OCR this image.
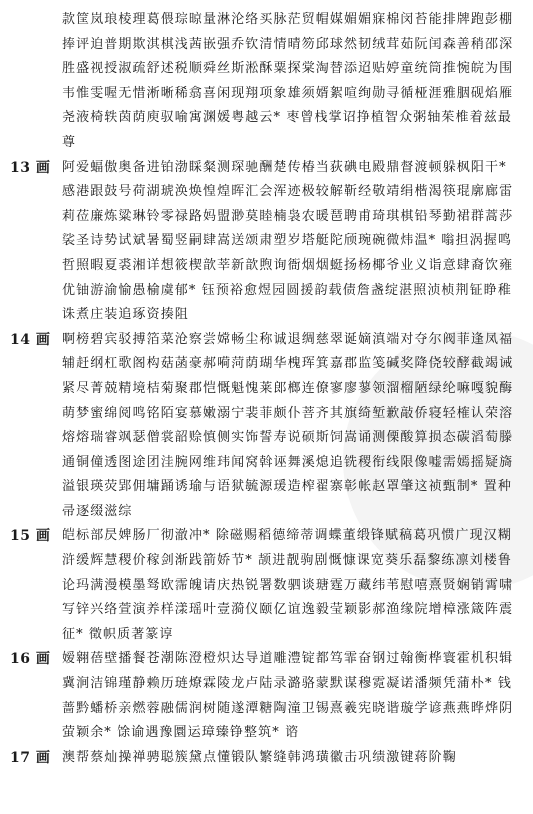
款筐岚琅棱理葛偎琮晾量淋沦络买脉茫贸帽媒媚媚寐棉闵苔能排牌跑彭棚捧评迫普期欺淇棋浅茜嵌强乔钦清情晴笏邱球然韧绒茸茹阮闰森善稍邵深胜盛视授淑疏舒述税顺舜丝斯淞酥粟探棠淘替添迢贴婷童统筒推惋皖为围韦惟雯喔无惜淅晰稀翕喜闲现翔项象雄须婿絮喧绚勋寻循桠涯雅胭砚焰雁尧液椅轶茵荫庾驭喻寓渊媛粤越云* 枣曾栈掌诏挣植智众粥轴茱椎着兹最尊
13 画 阿爱蝠傲奥备进铂渤睬粲测琛驰酬楚传椿当荻碘电殿鼎督渡顿躲枫阳干* 感港跟鼓号荷湖琥涣焕惶煌晖汇会浑迹极较解靳经敬靖绢楷渴筷琨廓廊雷莉莅廉炼粱琳铃零禄路妈盟渺莫睦楠袅农暖琶聘甫琦琪棋铅琴勤裙群蒿莎裟圣诗势试斌暑蜀竖嗣肆嵩送颂肃塑岁塔艇陀颀琬碗微炜温* 嗡担涡握鸣哲照暇夏裘湘详想筱楔歆莘新歆煦询衙烟烟蜓扬杨椰爷业义诣意肆裔饮雍优铀游渝愉愚榆虞郁* 钰预裕愈煜园圆援韵载债詹盏绽湛照浈桢荆钲睁稚诛煮庄装追琢资揍阻
14 画 啊榜碧宾驳搏箔菜沧察尝嫦畅尘称诚退绸慈翠诞嫡滇端对夺尔阀菲逢凤福辅赶纲杠歌阁构菇菡豪郝嗬菏荫瑚华槐珲箕嘉郡监笺碱奖降侥较酵截竭诫紧尽菁兢精境桔菊聚郡恺慨魁愧莱郎榔连僚寥廖蓼领溜榴陋绿纶嘛嘎貌酶萌梦蜜绵阅鸣铭陌宴慕嫩溺宁裴菲颇仆菩齐其旗绮堑歉敲侨寝轻榷认荣溶熔熔瑞睿飒瑟僧裳韶赊慎侧实饰誓寿说硕斯饲嵩诵测傈酸算损态碳滔萄滕通铜僮透图途团洼腕网维玮闻窝斡诬舞溪熄追铣稷衔线限像嘘需嫣摇疑旖溢银瑛荧郢佣墉踊诱瑜与语狱毓源瑗造榨翟寨彰帐赵罩肇这祯甄制* 置种帚逐缀滋综
15 画 皑标部昃婢肠厂彻澈冲* 除磁赐稻德缔蒂调蝶董缎锋赋稿葛巩惯广现汉糊浒缓辉慧稷价稼剑渐践箭娇节* 颉进靓驹剧慨慷课宽葵乐磊黎练凛刘楼鲁论玛满漫模墨驽欧霈魄请庆热锐署数驷谈瑭霆万藏纬苇慰嘻熹贤娴销霄啸写锌兴络萱演养样漾瑶叶壹漪仪颐亿谊逸毅莹颖影郝渔缘院增樟涨箴阵震征* 徵帜质著篆谆
16 画 嫒翱蓓壁播餐苍潮陈澄橙炽达导道雕澧锭都笃霏奋钢过翰衡桦寰霍机积辑冀涧洁锦瑾静赖历琏燎霖陵龙卢陆录潞骆蒙默谋穆霓凝诺潘频凭蒲朴* 钱蔷黔蟠桥亲燃蓉融儒润树随遂潭糖陶潼卫锡熹羲宪晓谐璇学谚燕燕晔烨阴萤颖余* 馀谕遇豫圜运璋臻铮整筑* 谘
17 画 澳帮蔡灿操禅骋聪簇黛点懂锻队繁缝韩鸿璜徽击巩绩激键蒋阶鞠
